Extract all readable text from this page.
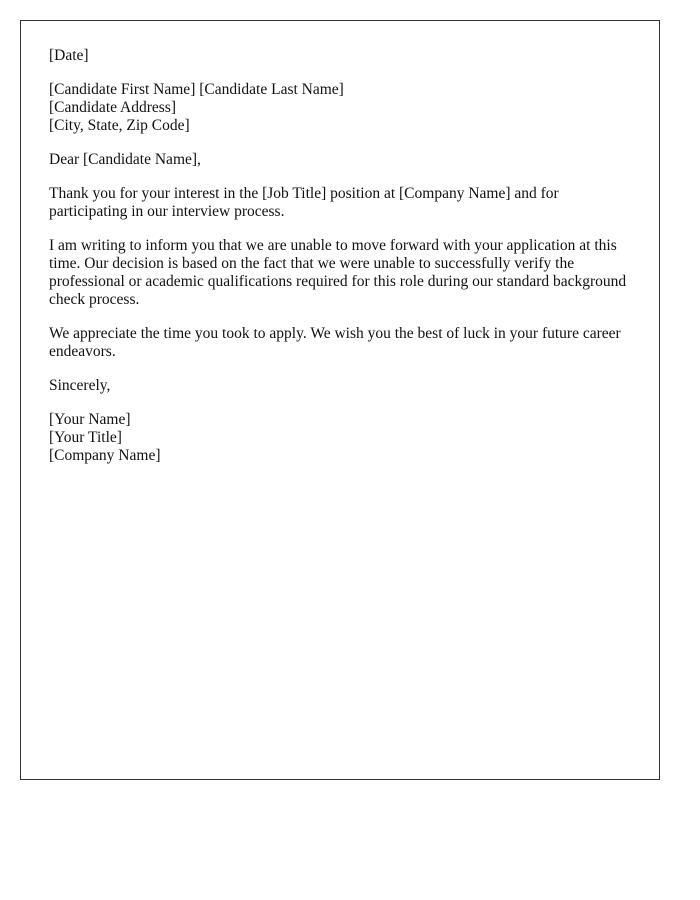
[Date]
[Candidate First Name] [Candidate Last Name]
[Candidate Address]
[City, State, Zip Code]
Dear [Candidate Name],

Thank you for your interest in the [Job Title] position at [Company Name] and for participating in our interview process.

I am writing to inform you that we are unable to move forward with your application at this time. Our decision is based on the fact that we were unable to successfully verify the professional or academic qualifications required for this role during our standard background check process.

We appreciate the time you took to apply. We wish you the best of luck in your future career endeavors.

Sincerely,
[Your Name]
[Your Title]
[Company Name]
